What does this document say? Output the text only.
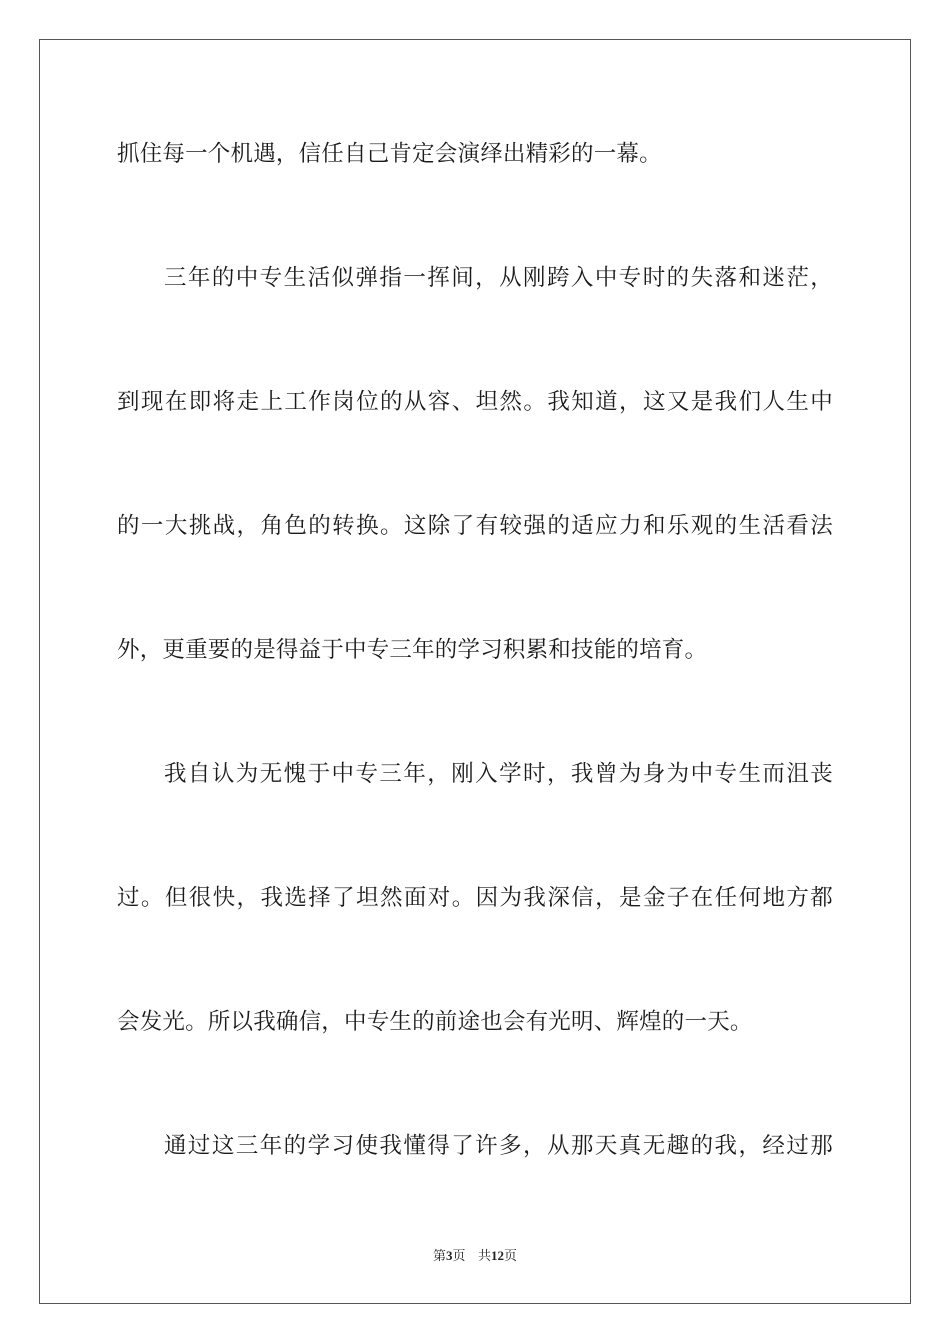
抓住每一个机遇，信任自己肯定会演绎出精彩的一幕。
三年的中专生活似弹指一挥间，从刚跨入中专时的失落和迷茫，
到现在即将走上工作岗位的从容、坦然。我知道，这又是我们人生中
的一大挑战，角色的转换。这除了有较强的适应力和乐观的生活看法
外，更重要的是得益于中专三年的学习积累和技能的培育。
我自认为无愧于中专三年，刚入学时，我曾为身为中专生而沮丧
过。但很快，我选择了坦然面对。因为我深信，是金子在任何地方都
会发光。所以我确信，中专生的前途也会有光明、辉煌的一天。
通过这三年的学习使我懂得了许多，从那天真无趣的我，经过那
第3页 共12页
